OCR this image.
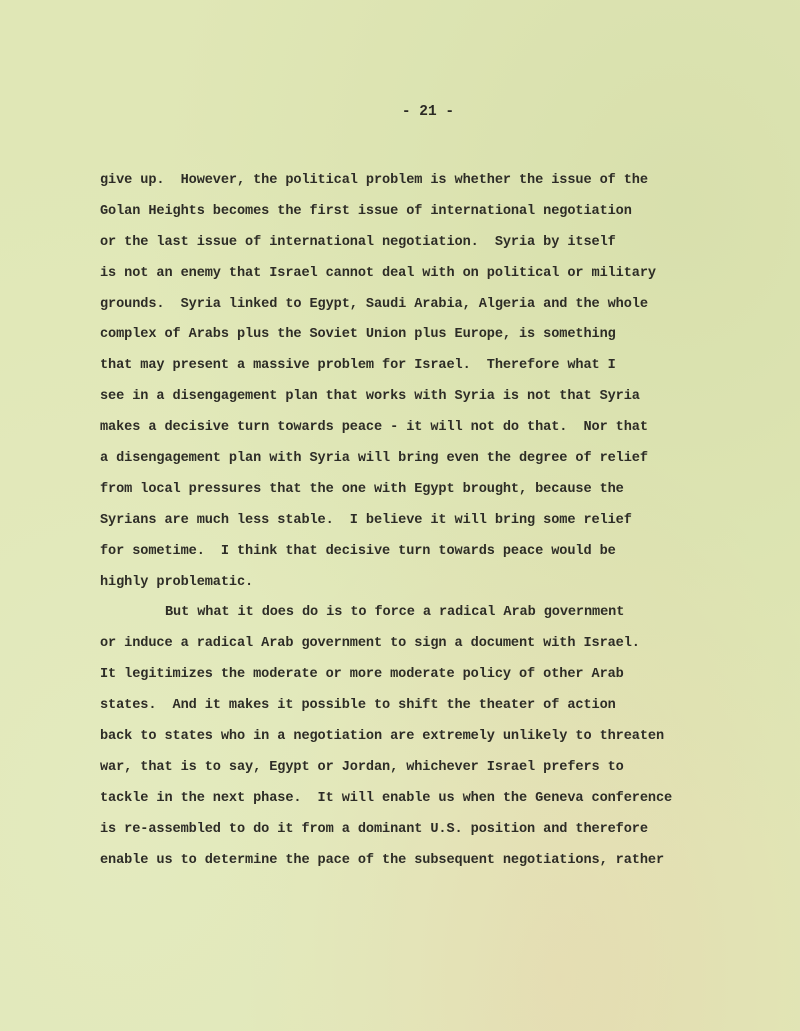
- 21 -
give up.  However, the political problem is whether the issue of the
Golan Heights becomes the first issue of international negotiation
or the last issue of international negotiation.  Syria by itself
is not an enemy that Israel cannot deal with on political or military
grounds.  Syria linked to Egypt, Saudi Arabia, Algeria and the whole
complex of Arabs plus the Soviet Union plus Europe, is something
that may present a massive problem for Israel.  Therefore what I
see in a disengagement plan that works with Syria is not that Syria
makes a decisive turn towards peace - it will not do that.  Nor that
a disengagement plan with Syria will bring even the degree of relief
from local pressures that the one with Egypt brought, because the
Syrians are much less stable.  I believe it will bring some relief
for sometime.  I think that decisive turn towards peace would be
highly problematic.
But what it does do is to force a radical Arab government
or induce a radical Arab government to sign a document with Israel.
It legitimizes the moderate or more moderate policy of other Arab
states.  And it makes it possible to shift the theater of action
back to states who in a negotiation are extremely unlikely to threaten
war, that is to say, Egypt or Jordan, whichever Israel prefers to
tackle in the next phase.  It will enable us when the Geneva conference
is re-assembled to do it from a dominant U.S. position and therefore
enable us to determine the pace of the subsequent negotiations, rather
